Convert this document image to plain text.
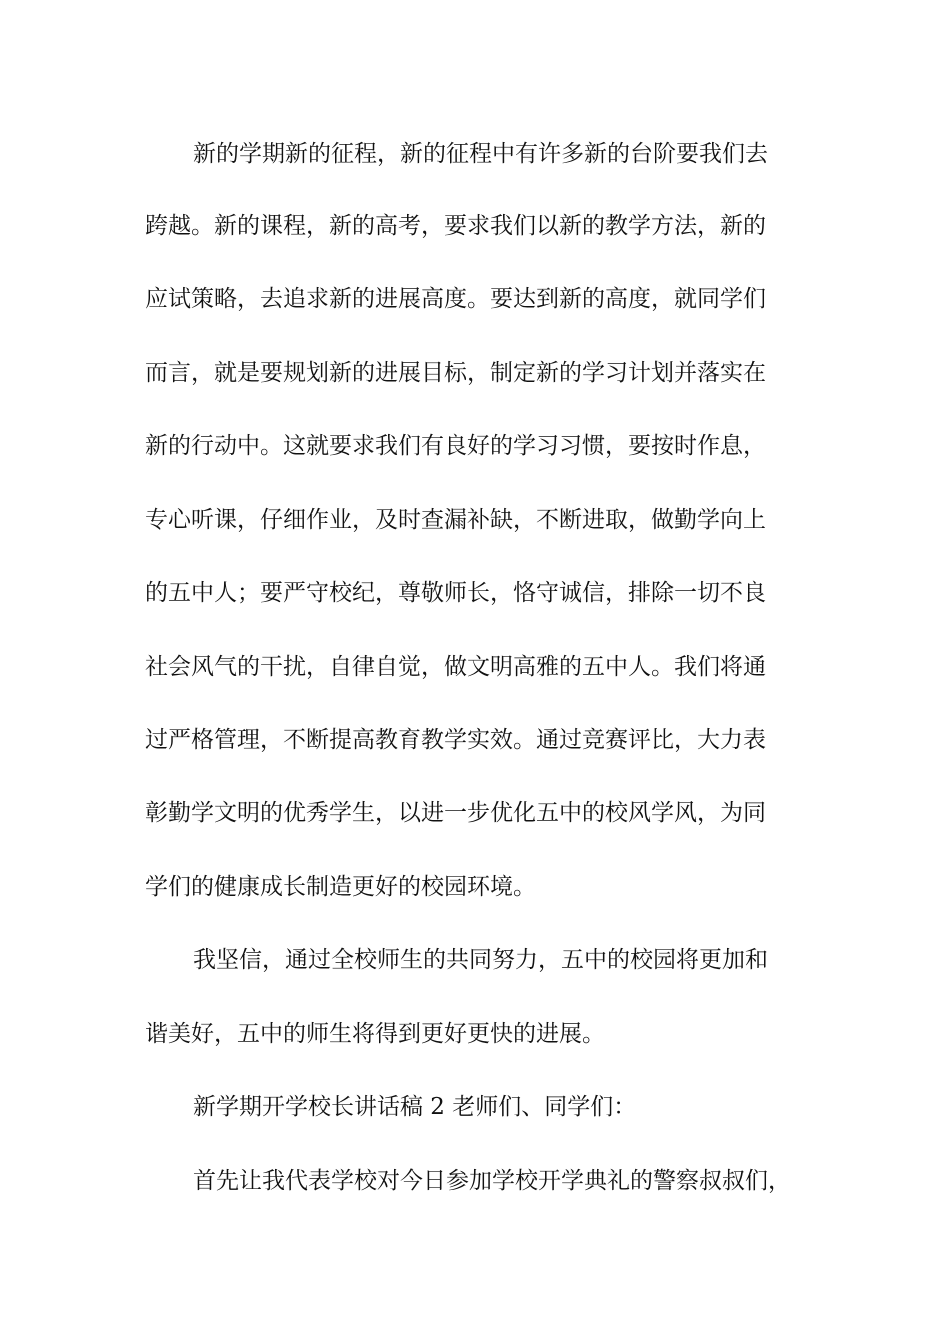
新的学期新的征程，新的征程中有许多新的台阶要我们去
跨越。新的课程，新的高考，要求我们以新的教学方法，新的
应试策略，去追求新的进展高度。要达到新的高度，就同学们
而言，就是要规划新的进展目标，制定新的学习计划并落实在
新的行动中。这就要求我们有良好的学习习惯，要按时作息，
专心听课，仔细作业，及时查漏补缺，不断进取，做勤学向上
的五中人；要严守校纪，尊敬师长，恪守诚信，排除一切不良
社会风气的干扰，自律自觉，做文明高雅的五中人。我们将通
过严格管理，不断提高教育教学实效。通过竞赛评比，大力表
彰勤学文明的优秀学生，以进一步优化五中的校风学风，为同
学们的健康成长制造更好的校园环境。
我坚信，通过全校师生的共同努力，五中的校园将更加和
谐美好，五中的师生将得到更好更快的进展。
新学期开学校长讲话稿 2 老师们、同学们：
首先让我代表学校对今日参加学校开学典礼的警察叔叔们，
